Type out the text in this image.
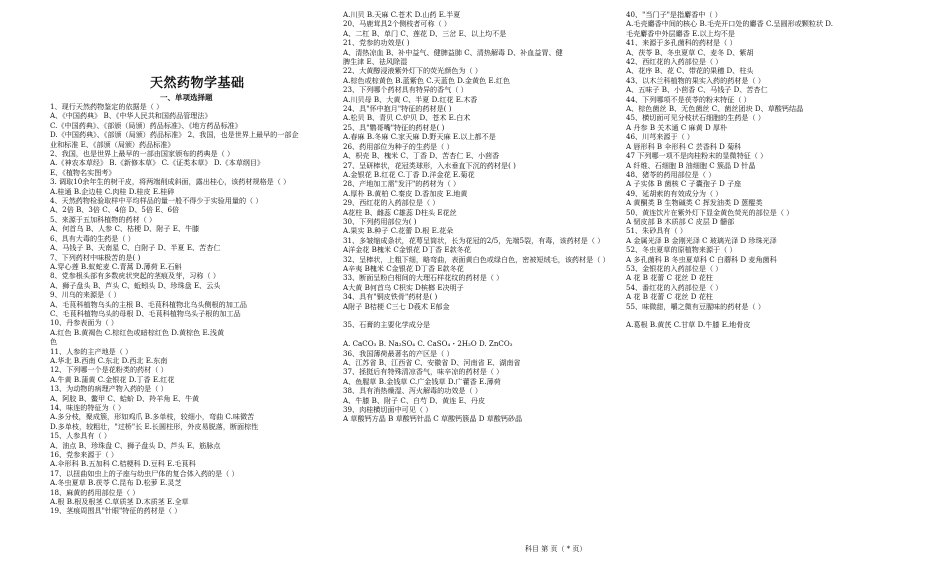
天然药物学基础
一、单项选择题
1、现行天然药物鉴定的依据是（ ）
A、《中国药典》 B、《中华人民共和国药品管理法》
C.《中国药典》、《部颁（局颁）药品标准》、《地方药品标准》
D.《中国药典》、《部颁（局颁）药品标准》 2、我国，也是世界上最早的一部企
业和标准 E、《部颁（局颁）药品标准》
2、我国，也是世界上最早的一部由国家颁布的药典是（ ）
A.《神农本草经》 B.《新修本草》 C.《证类本草》 D.《本草纲目》
E、《植物名实图考》
3. 调取10余年生的树干皮，将两端削成斜面，露出桂心，该药材规格是（ ）
A.桂通 B.企边桂 C.肉桂 D.桂皮 E.桂碎
4、天然药物检验取样中平均样品的量一般不得少于实验用量的（ ）
A、2倍 B、3倍 C、4倍 D、5倍 E、6倍
5、来源于五加科植物的药材（ ）
A、何首乌 B、人参 C、枯梗 D、附子 E、牛膝
6、具有大毒的生药是（ ）
A、马钱子 B、天南星 C、白附子 D、半夏 E、苦杏仁
7、下列药材中味极苦的是( )
A.穿心莲 B.蚁蛇麦 C.青蒿 D.薄荷 E.石斛
8、党参根头部有多数疣状突起的茎痕及芽，习称（ ）
A、狮子盘头 B、芦头 C、蚯蚓头 D、珍珠盘 E、云头
9、川乌的来源是（ ）
A、毛茛科植物乌头的主根 B、毛茛科植物北乌头侧根的加工品
C、毛茛科植物乌头的母根 D、毛茛科植物乌头子根的加工品
10、丹参表面为（ ）
A.红色 B.黄褐色 C.棕红色或暗棕红色 D.黄棕色 E.浅黄
色
11、人参的主产地是（ ）
A.华北 B.西南 C.东北 D.西北 E.东南
12、下列哪一个是花粉类的药材（ ）
A.牛黄 B.蒲黄 C.金银花 D.丁香 E.红花
13、为动物的病理产物入药的是（ ）
A、阿胶 B、鳖甲 C、蛤蚧 D、羚羊角 E、牛黄
14、味连的特征为（ ）
A.多分枝，聚成簇，形如鸡爪 B.多单枝，较细小，弯曲 C.味微苦
D.多单枝，较粗壮，"过桥"长 E.长圆柱形，外皮易脱落，断面棕性
15、人参具有（ ）
A、油点 B、珍珠盘 C、狮子盘头 D、芦头 E、筋脉点
16、党参来源于（ ）
A.伞形科 B.五加科 C.桔梗科 D.豆科 E.毛茛科
17、以扭曲如虫上的子座与幼虫尸体的复合体入药的是（ ）
A.冬虫夏草 B.茯苓 C.昆布 D.松萝 E.灵芝
18、麻黄的药用部位是（ ）
A.根 B.根及根茎 C.草质茎 D.木质茎 E.全草
19、茎痕周围具"针眼"特征的药材是（ ）
A.川贝 B.天麻 C.苍术 D.山药 E.半夏
20、马鹿茸具2个侧枝者可称（ ）
A、二杠 B、单门 C、莲花 D、三岔 E、以上均不是
21、党参的功效是( )
A、清热凉血 B、补中益气、健脾益肺 C、清热解毒 D、补血益胃、健
脾生津 E、祛风除湿
22、大黄醇浸液紫外灯下的荧光颜色为（ ）
A.棕色或棕黄色 B.蓝紫色 C.天蓝色 D.金黄色 E.红色
23、下列哪个药材具有特异的香气（ ）
A.川贝母 B、大黄 C、半夏 D.红花 E.木香
24、具"怀中抱月"特征的药材是( )
A.松贝 B、青贝 C.炉贝 D、苍术 E.白术
25、具"鹦哥嘴"特征的药材是( )
A.春麻 B.冬麻 C.家天麻 D.野天麻 E.以上都不是
26、药用部位为种子的生药是（ ）
A、枳壳 B、槐米 C、丁香 D、苦杏仁 E、小茴香
27、呈研棒状，花冠类球形，入水垂直下沉的药材是( )
A.金银花 B.红花 C.丁香 D.洋金花 E.菊花
28、产地加工需"发汗"的药材为（ ）
A.厚朴 B.黄柏 C.秦皮 D.香加皮 E.地黄
29、西红花的入药部位是（ ）
A花柱 B、雌蕊 C雄蕊 D柱头 E花丝
30、下列药用部位为( )
A.果实 B.种子 C.花蕾 D.根 E.花朵
31、多皱缩成条状，花萼呈筒状，长为花冠的2/5，先端5裂，有毒，该药材是（ ）
A洋金花 B槐米 C金银花 D丁香 E款冬花
32、呈棒状，上粗下细，略弯曲，表面黄白色或绿白色，密被短绒毛，该药材是（ ）
A辛夷 B槐米 C金银花 D丁香 E款冬花
33、断面呈粉白相间的大理石样花纹的药材是（ ）
A大黄 B何首乌 C枳实 D槟榔 E决明子
34、具有"铜皮铁骨"药材是( )
A附子 B桔梗 C三七 D莪术 E郁金

35、石膏的主要化学成分是

A. CaCO₃ B. Na₂SO₄ C. CaSO₄・2H₂O D. ZnCO₃
36、我国薄荷最著名的产区是（ ）
A、江苏省 B、江西省 C、安徽省 D、河南省 E、湖南省
37、拯挺后有特殊清凉香气，味辛凉的药材是（ ）
A、鱼腥草 B.金钱草 C.广金钱草 D.广藿香 E.薄荷
38、具有消热燥湿、泻火解毒的功效是（ ）
A、牛膝 B、附子 C、白芍 D、黄连 E、丹皮
39、肉桂横切面中可见（ ）
A 草酸钙方晶 B 草酸钙针晶 C 草酸钙簇晶 D 草酸钙砂晶
40、"当门子"是指麝香中（ ）
A.毛壳麝香中间的核心 B.毛壳开口处的麝香 C.呈圆形或颗粒状 D.
毛壳麝香中外层麝香 E.以上均不是
41、来源于多孔菌科的药材是（ ）
A、茯苓 B、冬虫夏草 C、麦冬 D、紫胡
42、西红花的入药部位是（ ）
A、花序 B、花 C、带花的果穗 D、柱头
43、以木兰科植物的果实入药的药材是（ ）
A、五味子 B、小茴香 C、马钱子 D、苦杏仁
44、下列哪项不是茯苓的粉末特征（ ）
A、棕色菌丝 B、无色菌丝 C、菌丝团块 D、草酸钙结晶
45、横切面可见分枝状石细胞的生药是（ ）
A 丹参 B 关木通 C 麻黄 D 厚朴
46、川芎来源于（ ）
A 唇形科 B 伞形科 C 芸香科 D 菊科
47 下列哪一项不是肉桂粉末的显微特征（ ）
A 纤维、石细胞 B 油细胞 C 簇晶 D 针晶
48、猪苓的药用部位是（ ）
A 子实体 B 菌核 C 子囊孢子 D 子座
49、延胡索的有效成分为（ ）
A 黄酮类 B 生物碱类 C 挥发油类 D 蒽醌类
50、黄连饮片在紫外灯下显金黄色荧光的部位是（ ）
A 韧皮部 B 木质部 C 皮层 D 髓部
51、朱砂具有（ ）
A 金属光泽 B 金刚光泽 C 玻璃光泽 D 珍珠光泽
52、冬虫夏草的原植物来源于（ ）
A 多孔菌科 B 冬虫夏草科 C 白蘑科 D 麦角菌科
53、金银花的入药部位是（ ）
A 花 B 花蕾 C 花丝 D 花柱
54、番红花的入药部位是（ ）
A 花 B 花蕾 C 花丝 D 花柱
55、味微甜，嚼之微有豆腥味的药材是（ ）

A.葛根 B.黄芪 C.甘草 D.牛膝 E.地骨皮
科目 第 页（ * 页）
